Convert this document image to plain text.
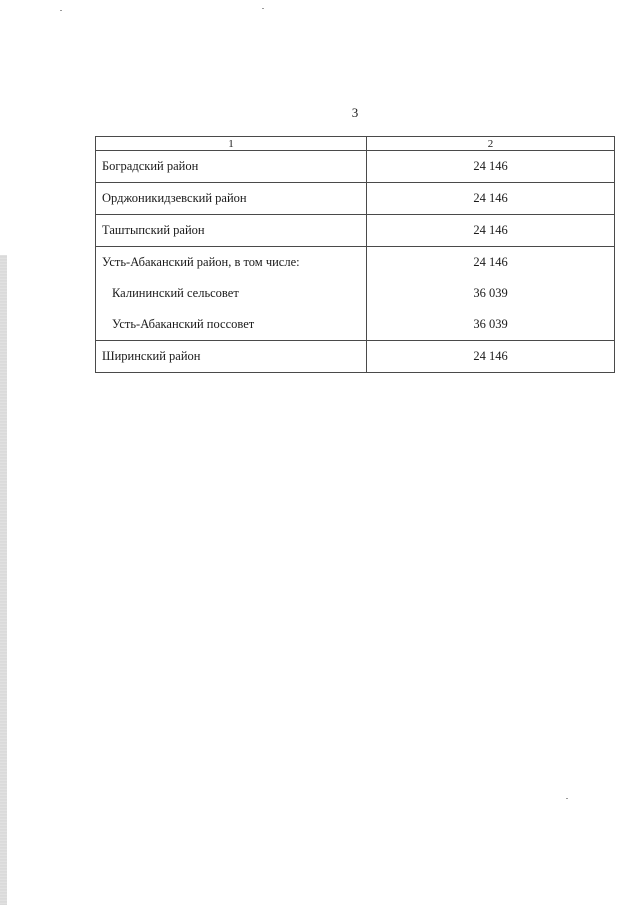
3
1	2
Боградский район	24 146
Орджоникидзевский район	24 146
Таштыпский район	24 146
Усть-Абаканский район, в том числе:	24 146
Калининский сельсовет	36 039
Усть-Абаканский поссовет	36 039
Ширинский район	24 146
